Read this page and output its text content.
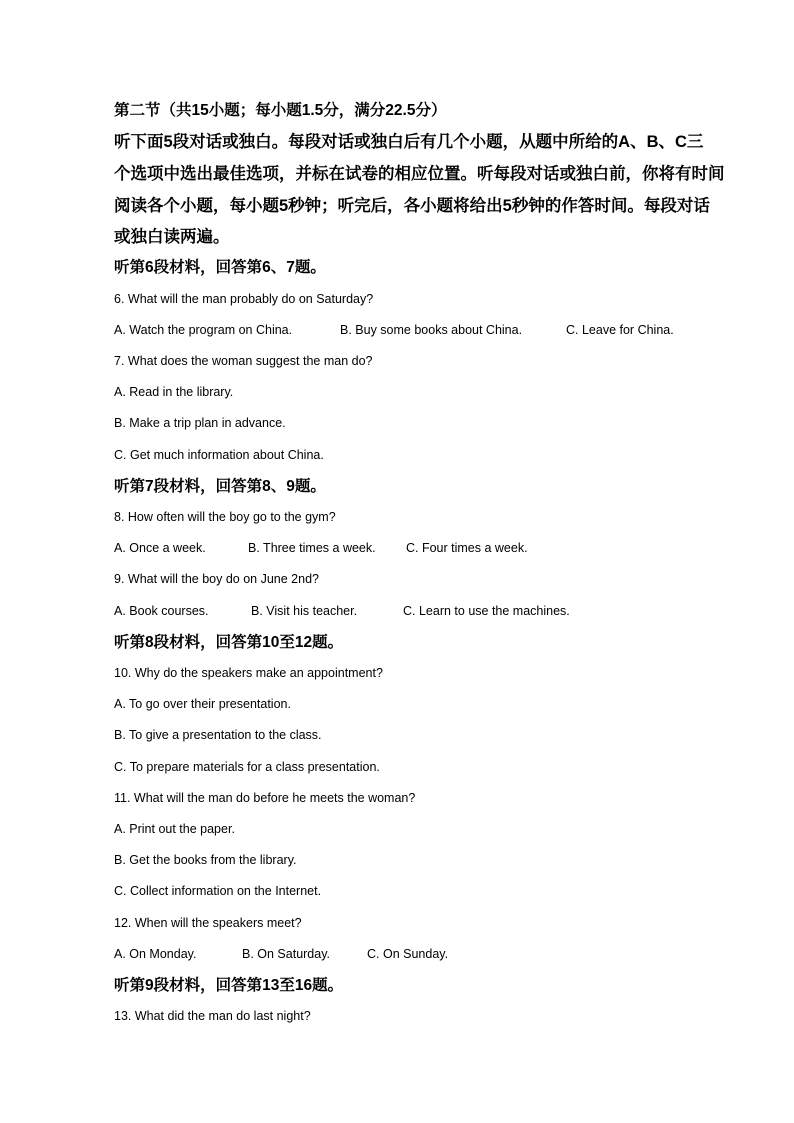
第二节（共15小题；每小题1.5分，满分22.5分）
听下面5段对话或独白。每段对话或独白后有几个小题，从题中所给的A、B、C三
个选项中选出最佳选项，并标在试卷的相应位置。听每段对话或独白前，你将有时间
阅读各个小题，每小题5秒钟；听完后，各小题将给出5秒钟的作答时间。每段对话
或独白读两遍。
听第6段材料，回答第6、7题。
6. What will the man probably do on Saturday?
A. Watch the program on China.	B. Buy some books about China.	C. Leave for China.
7. What does the woman suggest the man do?
A. Read in the library.
B. Make a trip plan in advance.
C. Get much information about China.
听第7段材料，回答第8、9题。
8. How often will the boy go to the gym?
A. Once a week.	B. Three times a week. C. Four times a week.
9. What will the boy do on June 2nd?
A. Book courses.	B. Visit his teacher.	C. Learn to use the machines.
听第8段材料，回答第10至12题。
10. Why do the speakers make an appointment?
A. To go over their presentation.
B. To give a presentation to the class.
C. To prepare materials for a class presentation.
11. What will the man do before he meets the woman?
A. Print out the paper.
B. Get the books from the library.
C. Collect information on the Internet.
12. When will the speakers meet?
A. On Monday.	B. On Saturday.	C. On Sunday.
听第9段材料，回答第13至16题。
13. What did the man do last night?
